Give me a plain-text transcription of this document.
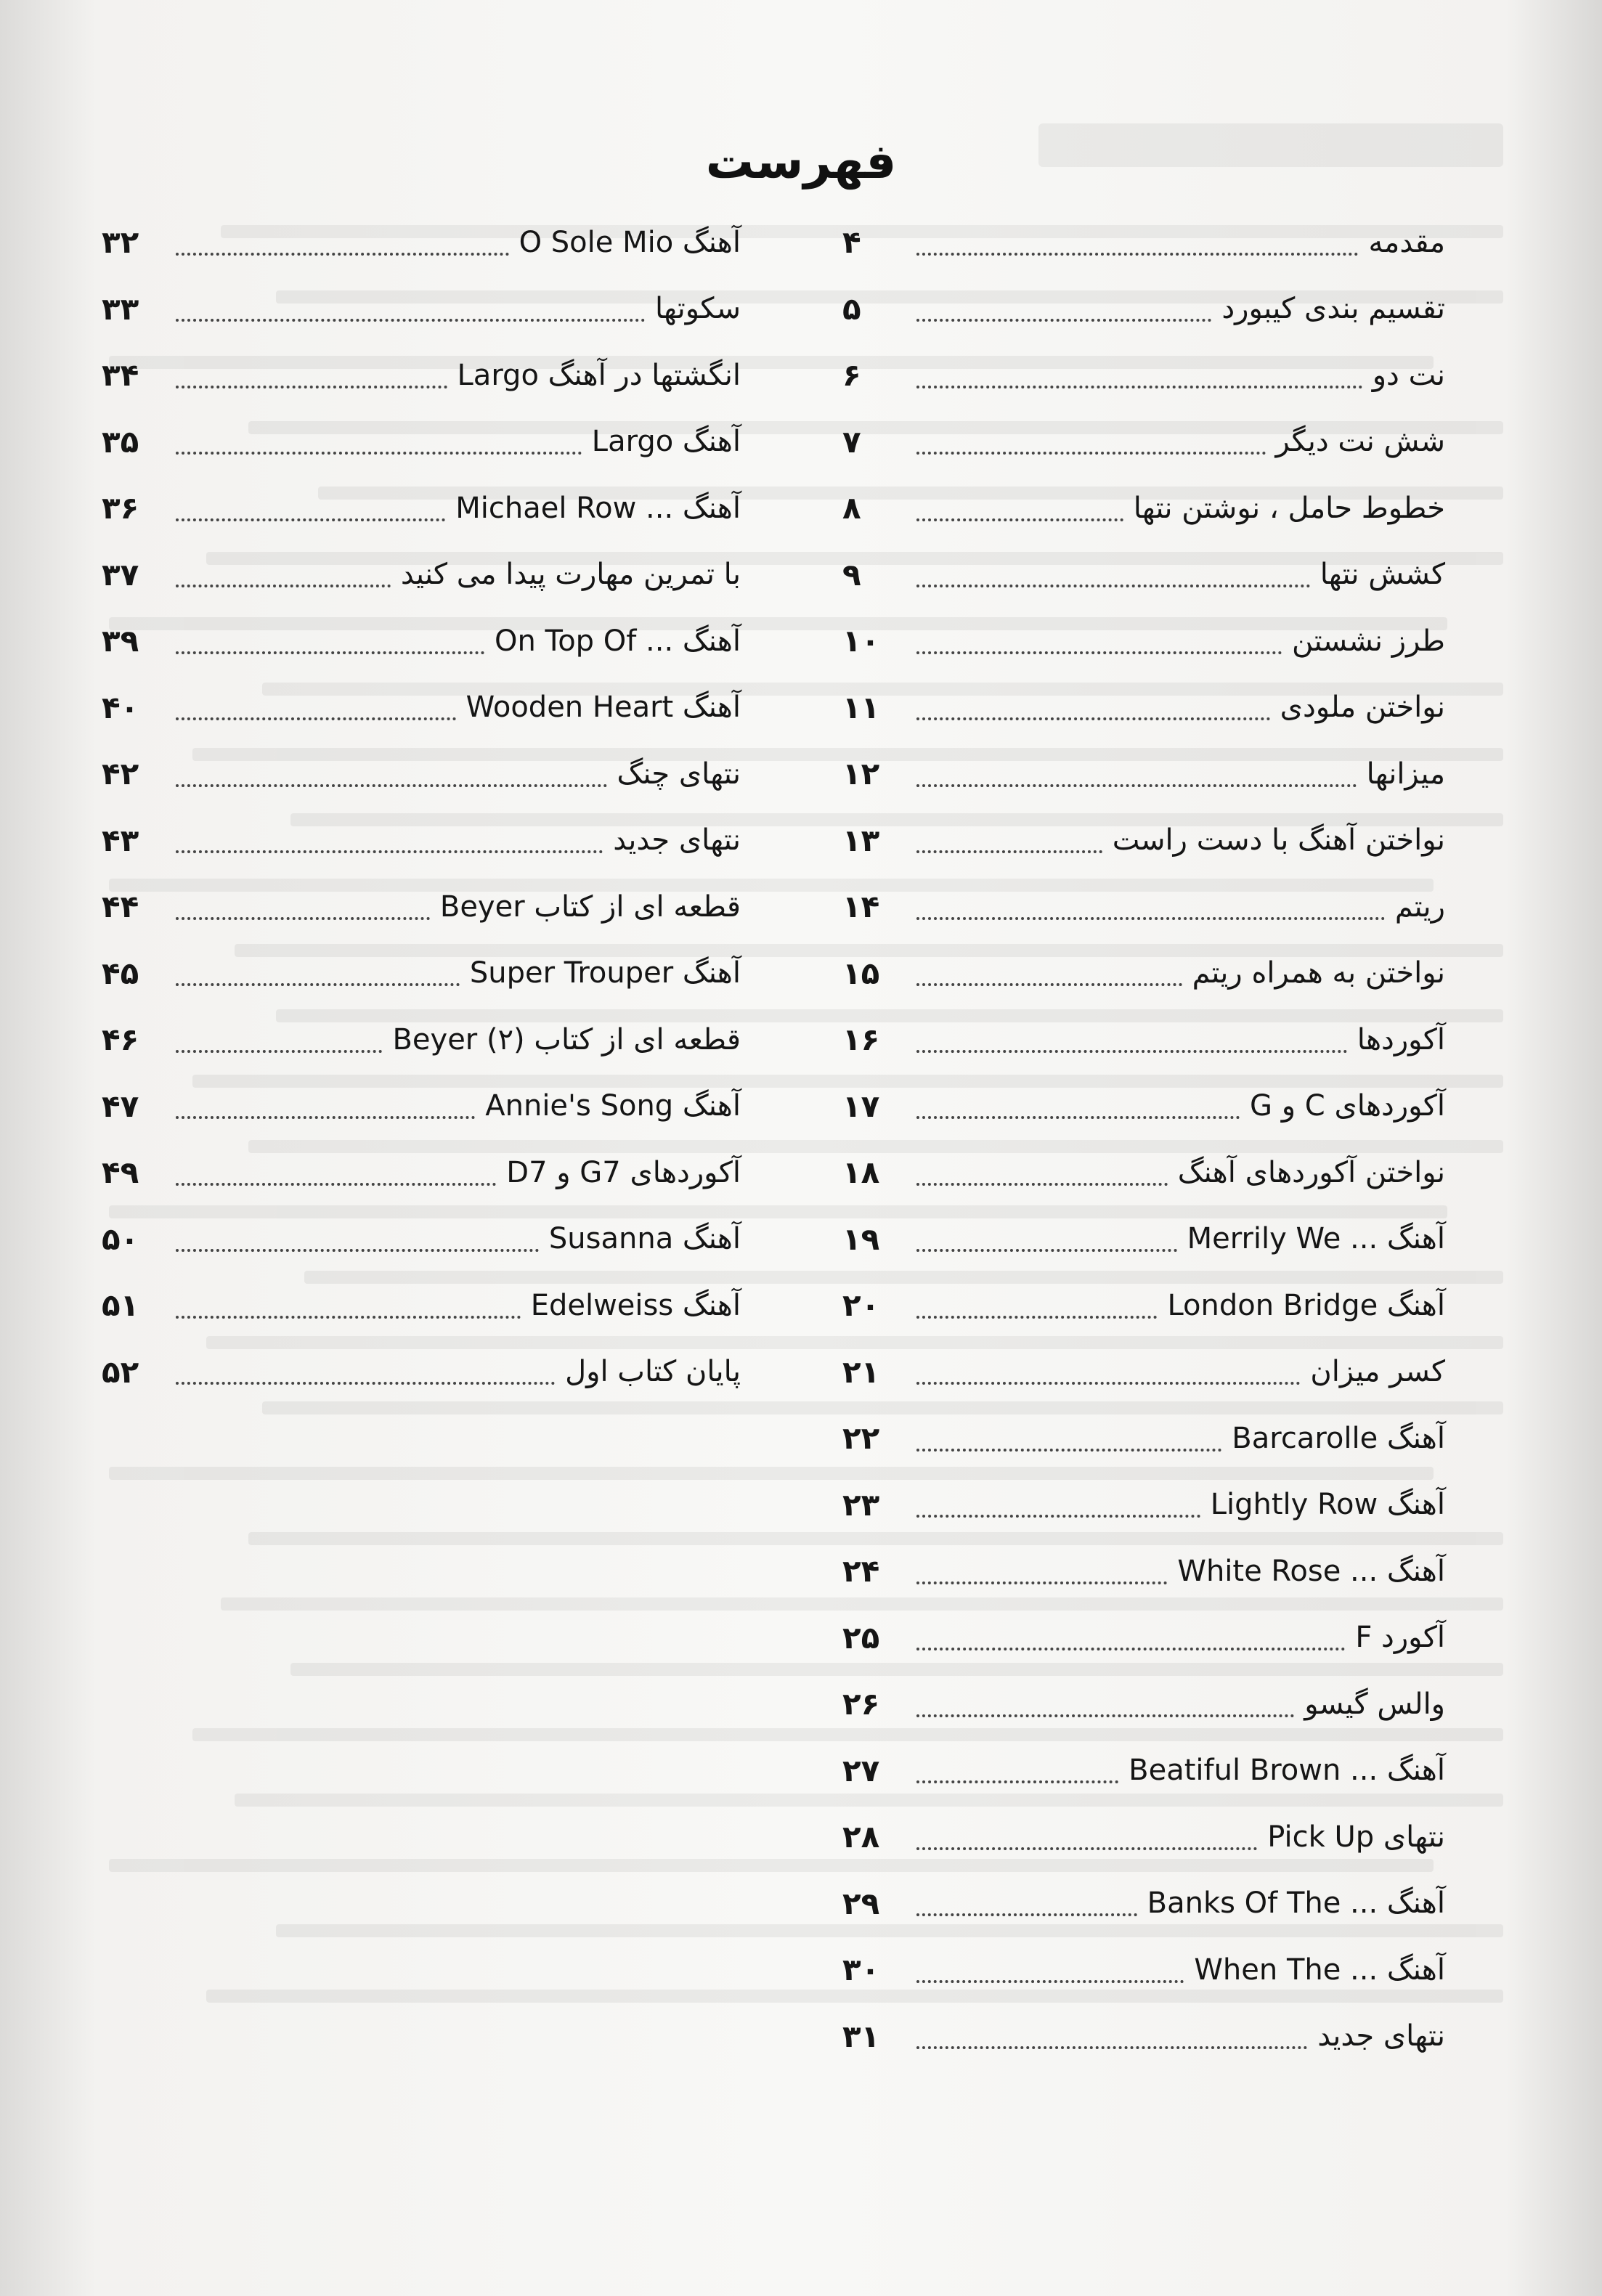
فهرست
مقدمه
۴
تقسیم بندی کیبورد
۵
نت دو
۶
شش نت دیگر
۷
خطوط حامل ، نوشتن نتها
۸
کشش نتها
۹
طرز نشستن
۱۰
نواختن ملودی
۱۱
میزانها
۱۲
نواختن آهنگ با دست راست
۱۳
ریتم
۱۴
نواختن به همراه ریتم
۱۵
آکوردها
۱۶
آکوردهای C و G
۱۷
نواختن آکوردهای آهنگ
۱۸
آهنگ ... Merrily We
۱۹
آهنگ London Bridge
۲۰
کسر میزان
۲۱
آهنگ Barcarolle
۲۲
آهنگ Lightly Row
۲۳
آهنگ ... White Rose
۲۴
آکورد F
۲۵
والس گیسو
۲۶
آهنگ ... Beatiful Brown
۲۷
نتهای Pick Up
۲۸
آهنگ ... Banks Of The
۲۹
آهنگ ... When The
۳۰
نتهای جدید
۳۱
آهنگ O Sole Mio
۳۲
سکوتها
۳۳
انگشتها در آهنگ Largo
۳۴
آهنگ Largo
۳۵
آهنگ ... Michael Row
۳۶
با تمرین مهارت پیدا می کنید
۳۷
آهنگ ... On Top Of
۳۹
آهنگ Wooden Heart
۴۰
نتهای چنگ
۴۲
نتهای جدید
۴۳
قطعه ای از کتاب Beyer
۴۴
آهنگ Super Trouper
۴۵
قطعه ای از کتاب Beyer (۲)
۴۶
آهنگ Annie's Song
۴۷
آکوردهای G7 و D7
۴۹
آهنگ Susanna
۵۰
آهنگ Edelweiss
۵۱
پایان کتاب اول
۵۲
